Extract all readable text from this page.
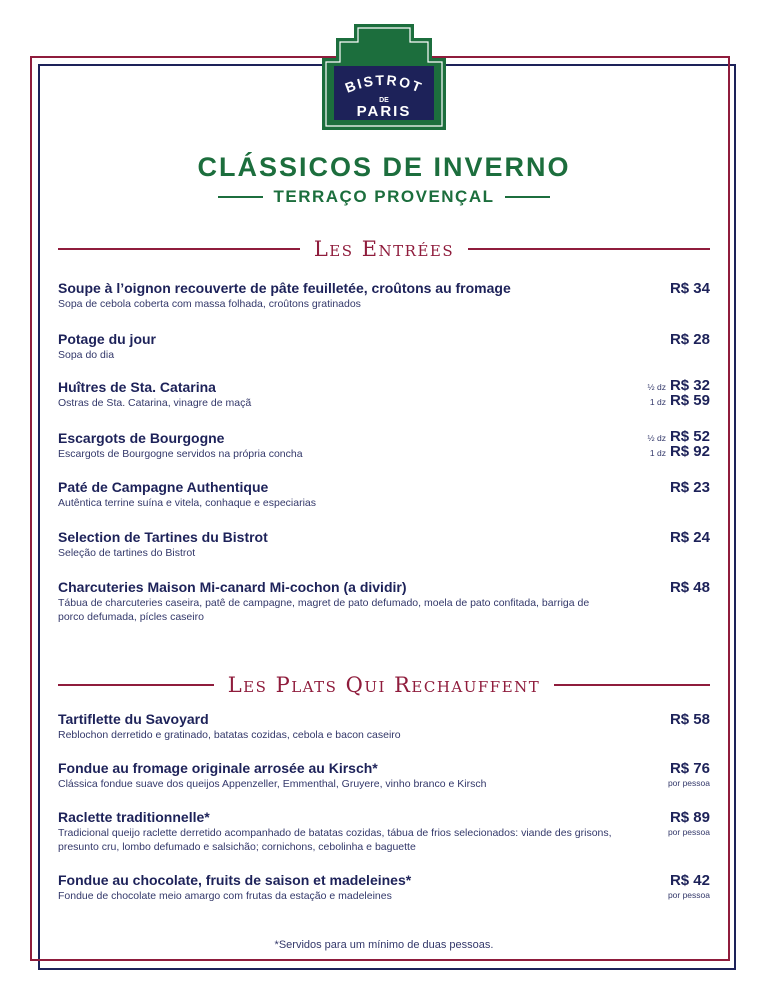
BISTROT
DE
PARIS
CLÁSSICOS DE INVERNO
TERRAÇO PROVENÇAL
Les Entrées
Soupe à l’oignon recouverte de pâte feuilletée, croûtons au fromage
Sopa de cebola coberta com massa folhada, croûtons gratinados
R$ 34
Potage du jour
Sopa do dia
R$ 28
Huîtres de Sta. Catarina
Ostras de Sta. Catarina, vinagre de maçã
½ dz R$ 32
1 dz R$ 59
Escargots de Bourgogne
Escargots de Bourgogne servidos na própria concha
½ dz R$ 52
1 dz R$ 92
Paté de Campagne Authentique
Autêntica terrine suína e vitela, conhaque e especiarias
R$ 23
Selection de Tartines du Bistrot
Seleção de tartines do Bistrot
R$ 24
Charcuteries Maison Mi-canard Mi-cochon (a dividir)
Tábua de charcuteries caseira, patê de campagne, magret de pato defumado, moela de pato confitada, barriga de porco defumada, pícles caseiro
R$ 48
Les Plats Qui Rechauffent
Tartiflette du Savoyard
Reblochon derretido e gratinado, batatas cozidas, cebola e bacon caseiro
R$ 58
Fondue au fromage originale arrosée au Kirsch*
Clássica fondue suave dos queijos Appenzeller, Emmenthal, Gruyere, vinho branco e Kirsch
R$ 76
por pessoa
Raclette traditionnelle*
Tradicional queijo raclette derretido acompanhado de batatas cozidas, tábua de frios selecionados: viande des grisons, presunto cru, lombo defumado e salsichão; cornichons, cebolinha e baguette
R$ 89
por pessoa
Fondue au chocolate, fruits de saison et madeleines*
Fondue de chocolate meio amargo com frutas da estação e madeleines
R$ 42
por pessoa
*Servidos para um mínimo de duas pessoas.
